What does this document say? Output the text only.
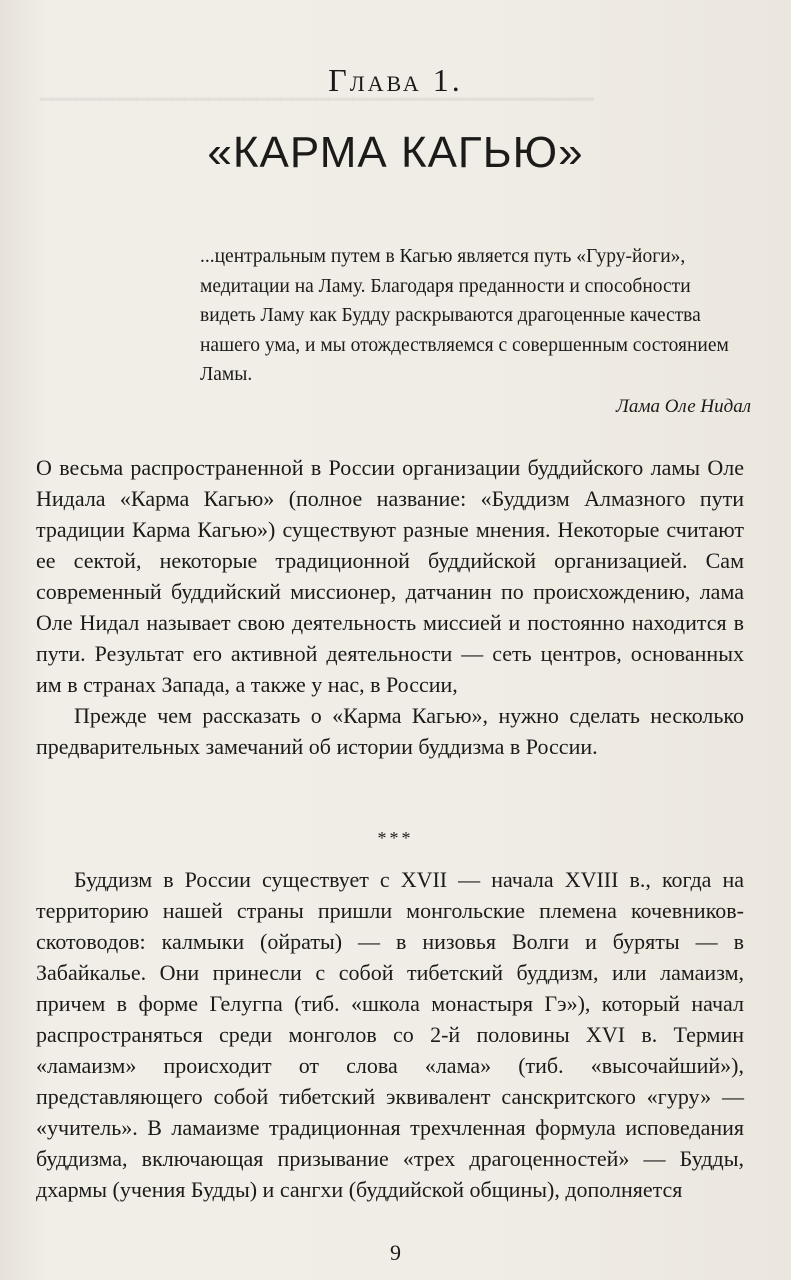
━━━━━━━━━━━━━━━━━━━━━━━━━━━━━━━━━━━━━━━━━━━━━━
Глава 1.
«КАРМА КАГЬЮ»

...центральным путем в Кагью является путь «Гуру-йоги», медитации на Ламу. Благодаря преданности и способности видеть Ламу как Будду раскрываются драгоценные качества нашего ума, и мы отождествляемся с совершенным состоянием Ламы.

Лама Оле Нидал

О весьма распространенной в России организации буддийского ламы Оле Нидала «Карма Кагью» (полное название: «Буддизм Алмазного пути традиции Карма Кагью») существуют разные мнения. Некоторые считают ее сектой, некоторые традиционной буддийской организацией. Сам современный буддийский миссионер, датчанин по происхождению, лама Оле Нидал называет свою деятельность миссией и постоянно находится в пути. Результат его активной деятельности — сеть центров, основанных им в странах Запада, а также у нас, в России,

Прежде чем рассказать о «Карма Кагью», нужно сделать несколько предварительных замечаний об истории буддизма в России.

***

Буддизм в России существует с XVII — начала XVIII в., когда на территорию нашей страны пришли монгольские племена кочевников-скотоводов: калмыки (ойраты) — в низовья Волги и буряты — в Забайкалье. Они принесли с собой тибетский буддизм, или ламаизм, причем в форме Гелугпа (тиб. «школа монастыря Гэ»), который начал распространяться среди монголов со 2-й половины XVI в. Термин «ламаизм» происходит от слова «лама» (тиб. «высочайший»), представляющего собой тибетский эквивалент санскритского «гуру» — «учитель». В ламаизме традиционная трехчленная формула исповедания буддизма, включающая призывание «трех драгоценностей» — Будды, дхармы (учения Будды) и сангхи (буддийской общины), дополняется

9
